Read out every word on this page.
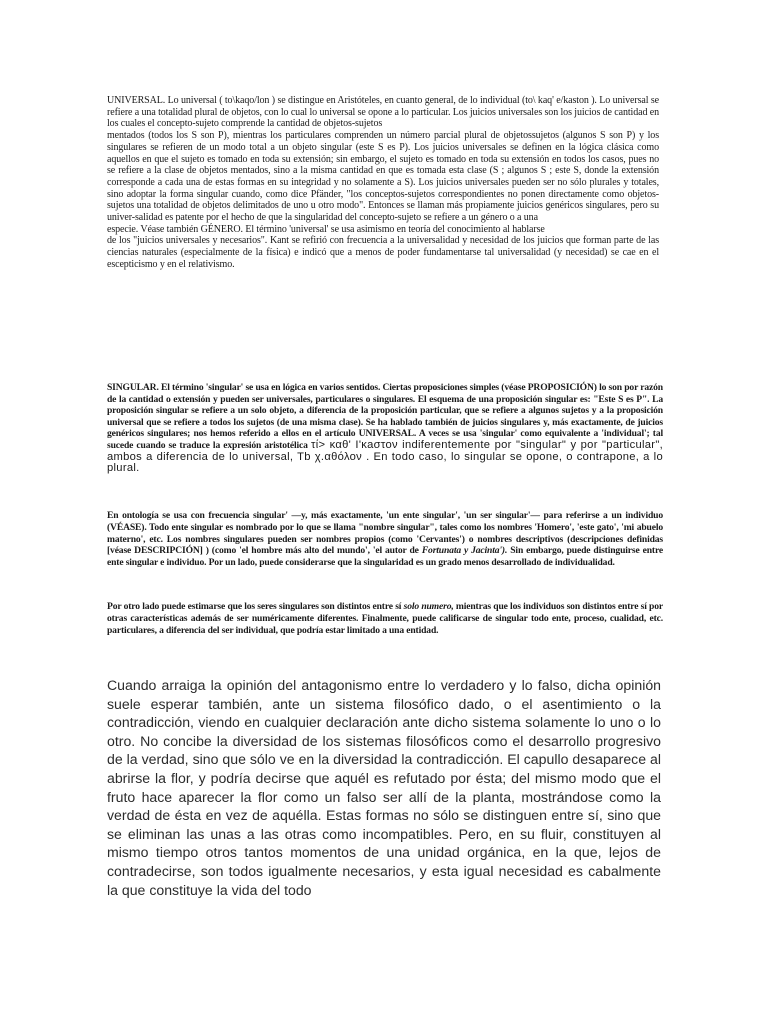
UNIVERSAL. Lo universal ( to\kaqo/lon ) se distingue en Aristóteles, en cuanto general, de lo individual (to\ kaq' e/kaston ). Lo universal se refiere a una totalidad plural de objetos, con lo cual lo universal se opone a lo particular. Los juicios universales son los juicios de cantidad en los cuales el concepto-sujeto comprende la cantidad de objetos-sujetos

mentados (todos los S son P), mientras los particulares comprenden un número parcial plural de objetossujetos (algunos S son P) y los singulares se refieren de un modo total a un objeto singular (este S es P). Los juicios universales se definen en la lógica clásica como aquellos en que el sujeto es tomado en toda su extensión; sin embargo, el sujeto es tomado en toda su extensión en todos los casos, pues no se refiere a la clase de objetos mentados, sino a la misma cantidad en que es tomada esta clase (S ; algunos S ; este S, donde la extensión corresponde a cada una de estas formas en su integridad y no solamente a S). Los juicios universales pueden ser no sólo plurales y totales, sino adoptar la forma singular cuando, como dice Pfänder, "los conceptos-sujetos correspondientes no ponen directamente como objetos-sujetos una totalidad de objetos delimitados de uno u otro modo". Entonces se llaman más propiamente juicios genéricos singulares, pero su univer-salidad es patente por el hecho de que la singularidad del concepto-sujeto se refiere a un género o a una

especie. Véase también GÉNERO. El término 'universal' se usa asimismo en teoría del conocimiento al hablarse

de los "juicios universales y necesarios". Kant se refirió con frecuencia a la universalidad y necesidad de los juicios que forman parte de las ciencias naturales (especialmente de la física) e indicó que a menos de poder fundamentarse tal universalidad (y necesidad) se cae en el escepticismo y en el relativismo.

SINGULAR. El término 'singular' se usa en lógica en varios sentidos. Ciertas proposiciones simples (véase PROPOSICIÓN) lo son por razón de la cantidad o extensión y pueden ser universales, particulares o singulares. El esquema de una proposición singular es: "Este S es P". La proposición singular se refiere a un solo objeto, a diferencia de la proposición particular, que se refiere a algunos sujetos y a la proposición universal que se refiere a todos los sujetos (de una misma clase). Se ha hablado también de juicios singulares y, más exactamente, de juicios genéricos singulares; nos hemos referido a ellos en el artículo UNIVERSAL. A veces se usa 'singular' como equivalente a 'individual'; tal sucede cuando se traduce la expresión aristotélica τί> καθ' I'κaστον indiferentemente por "singular" y por "particular", ambos a diferencia de lo universal, Tb χ.αθόλον . En todo caso, lo singular se opone, o contrapone, a lo plural.

En ontología se usa con frecuencia singular' —y, más exactamente, 'un ente singular', 'un ser singular'— para referirse a un individuo (VÉASE). Todo ente singular es nombrado por lo que se llama "nombre singular", tales como los nombres 'Homero', 'este gato', 'mi abuelo materno', etc. Los nombres singulares pueden ser nombres propios (como 'Cervantes') o nombres descriptivos (descripciones definidas [véase DESCRIPCIÓN] ) (como 'el hombre más alto del mundo', 'el autor de Fortunata y Jacinta'). Sin embargo, puede distinguirse entre ente singular e individuo. Por un lado, puede considerarse que la singularidad es un grado menos desarrollado de individualidad.

Por otro lado puede estimarse que los seres singulares son distintos entre sí solo numero, mientras que los individuos son distintos entre sí por otras características además de ser numéricamente diferentes. Finalmente, puede calificarse de singular todo ente, proceso, cualidad, etc. particulares, a diferencia del ser individual, que podría estar limitado a una entidad.

Cuando arraiga la opinión del antagonismo entre lo verdadero y lo falso, dicha opinión suele esperar también, ante un sistema filosófico dado, o el asentimiento o la contradicción, viendo en cualquier declaración ante dicho sistema solamente lo uno o lo otro. No concibe la diversidad de los sistemas filosóficos como el desarrollo progresivo de la verdad, sino que sólo ve en la diversidad la contradicción. El capullo desaparece al abrirse la flor, y podría decirse que aquél es refutado por ésta; del mismo modo que el fruto hace aparecer la flor como un falso ser allí de la planta, mostrándose como la verdad de ésta en vez de aquélla. Estas formas no sólo se distinguen entre sí, sino que se eliminan las unas a las otras como incompatibles. Pero, en su fluir, constituyen al mismo tiempo otros tantos momentos de una unidad orgánica, en la que, lejos de contradecirse, son todos igualmente necesarios, y esta igual necesidad es cabalmente la que constituye la vida del todo
